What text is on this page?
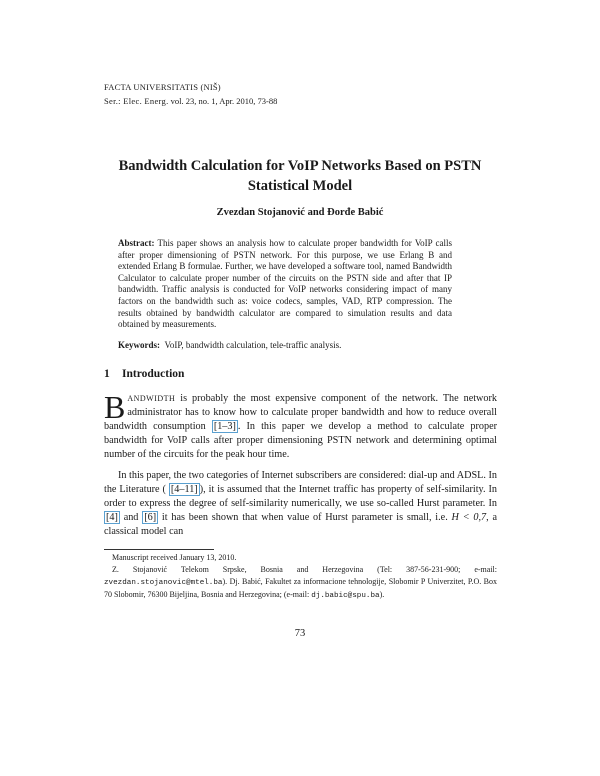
FACTA UNIVERSITATIS (NIŠ)
Ser.: Elec. Energ. vol. 23, no. 1, Apr. 2010, 73-88
Bandwidth Calculation for VoIP Networks Based on PSTN
Statistical Model
Zvezdan Stojanović and Đorđe Babić
Abstract: This paper shows an analysis how to calculate proper bandwidth for VoIP calls after proper dimensioning of PSTN network. For this purpose, we use Erlang B and extended Erlang B formulae. Further, we have developed a software tool, named Bandwidth Calculator to calculate proper number of the circuits on the PSTN side and after that IP bandwidth. Traffic analysis is conducted for VoIP networks considering impact of many factors on the bandwidth such as: voice codecs, samples, VAD, RTP compression. The results obtained by bandwidth calculator are compared to simulation results and data obtained by measurements.
Keywords: VoIP, bandwidth calculation, tele-traffic analysis.
1 Introduction
BANDWIDTH is probably the most expensive component of the network. The network administrator has to know how to calculate proper bandwidth and how to reduce overall bandwidth consumption [1–3] . In this paper we develop a method to calculate proper bandwidth for VoIP calls after proper dimensioning PSTN network and determining optimal number of the circuits for the peak hour time.
In this paper, the two categories of Internet subscribers are considered: dial-up and ADSL. In the Literature ( [4–11] ), it is assumed that the Internet traffic has property of self-similarity. In order to express the degree of self-similarity numerically, we use so-called Hurst parameter. In [4] and [6] it has been shown that when value of Hurst parameter is small, i.e. H < 0,7, a classical model can
Manuscript received January 13, 2010.
Z. Stojanović Telekom Srpske, Bosnia and Herzegovina (Tel: 387-56-231-900; e-mail: zvezdan.stojanovic@mtel.ba). Dj. Babić, Fakultet za informacione tehnologije, Slobomir P Univerzitet, P.O. Box 70 Slobomir, 76300 Bijeljina, Bosnia and Herzegovina; (e-mail: dj.babic@spu.ba).
73
